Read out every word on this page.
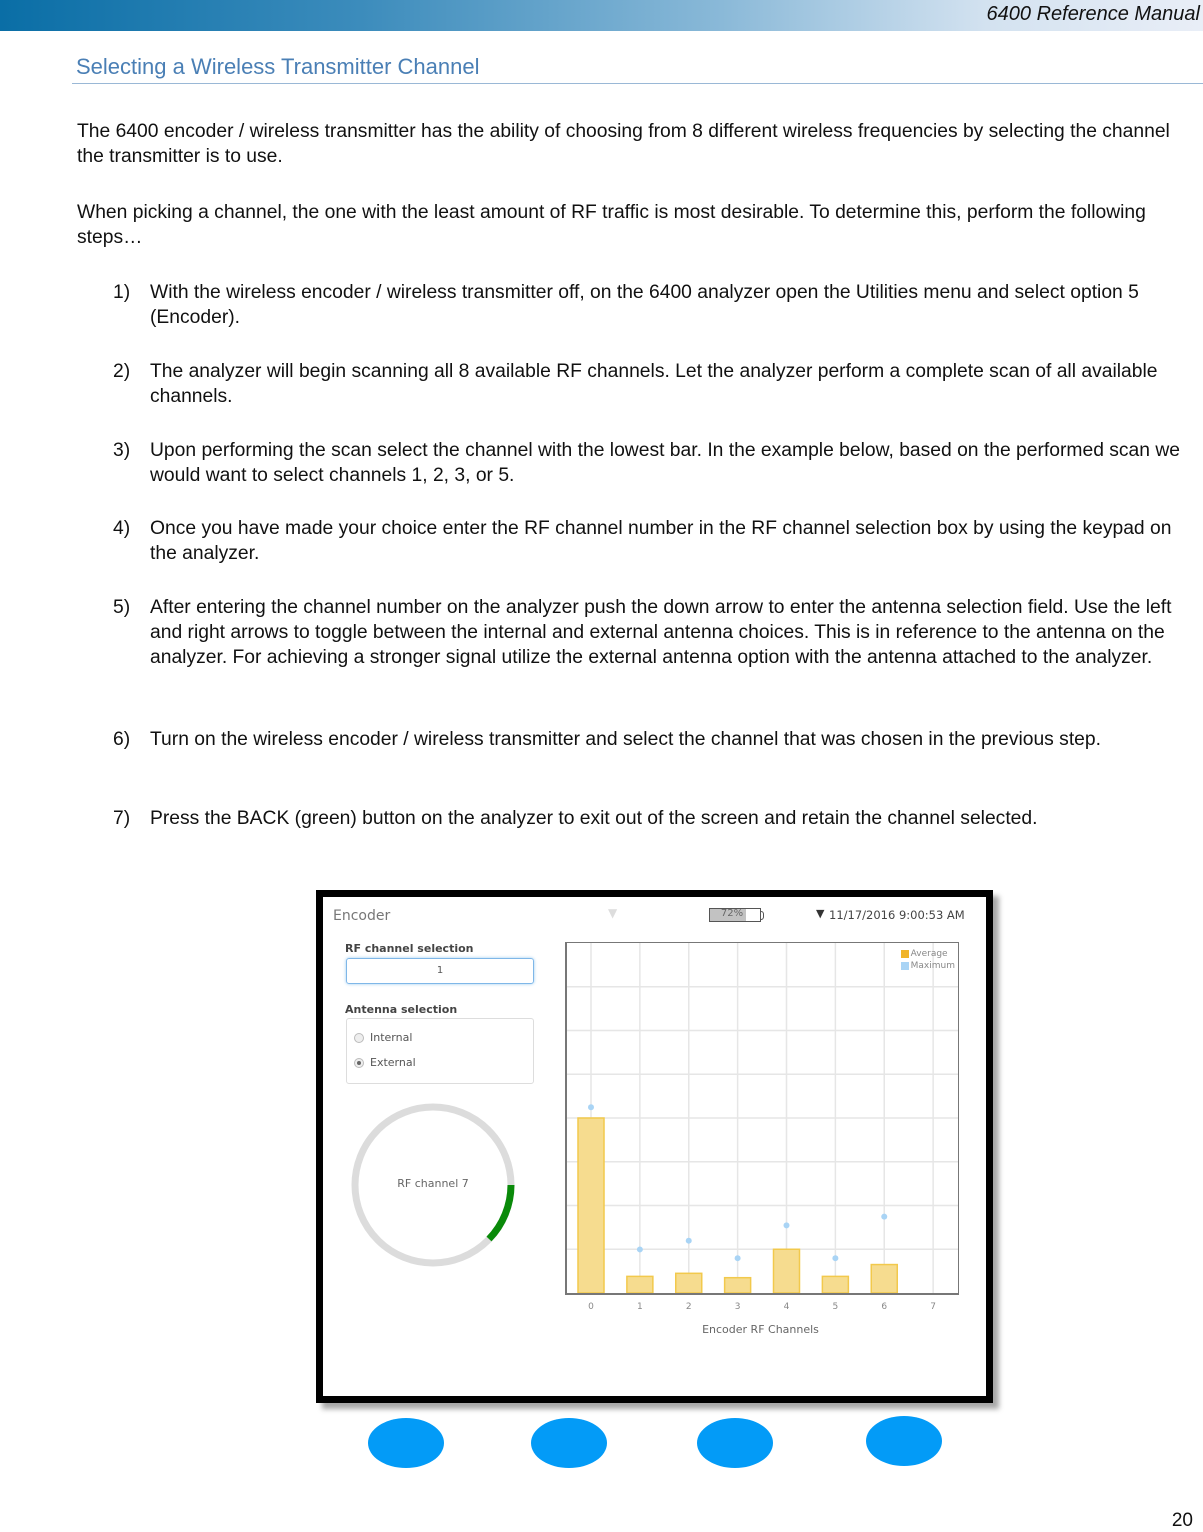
6400 Reference Manual
Selecting a Wireless Transmitter Channel
The 6400 encoder / wireless transmitter has the ability of choosing from 8 different wireless frequencies by selecting the channel the transmitter is to use.
When picking a channel, the one with the least amount of RF traffic is most desirable. To determine this, perform the following steps…
1)	With the wireless encoder / wireless transmitter off, on the 6400 analyzer open the Utilities menu and select option 5 (Encoder).
2)	The analyzer will begin scanning all 8 available RF channels. Let the analyzer perform a complete scan of all available channels.
3)	Upon performing the scan select the channel with the lowest bar. In the example below, based on the performed scan we would want to select channels 1, 2, 3, or 5.
4)	Once you have made your choice enter the RF channel number in the RF channel selection box by using the keypad on the analyzer.
5)	After entering the channel number on the analyzer push the down arrow to enter the antenna selection field. Use the left and right arrows to toggle between the internal and external antenna choices. This is in reference to the antenna on the analyzer. For achieving a stronger signal utilize the external antenna option with the antenna attached to the analyzer.
6)	Turn on the wireless encoder / wireless transmitter and select the channel that was chosen in the previous step.
7)	Press the BACK (green) button on the analyzer to exit out of the screen and retain the channel selected.
Encoder	▼	72%	▼ 11/17/2016 9:00:53 AM
RF channel selection
1
Antenna selection
Internal
External
RF channel 7
Average
Maximum
0	1	2	3	4	5	6	7
Encoder RF Channels
20
